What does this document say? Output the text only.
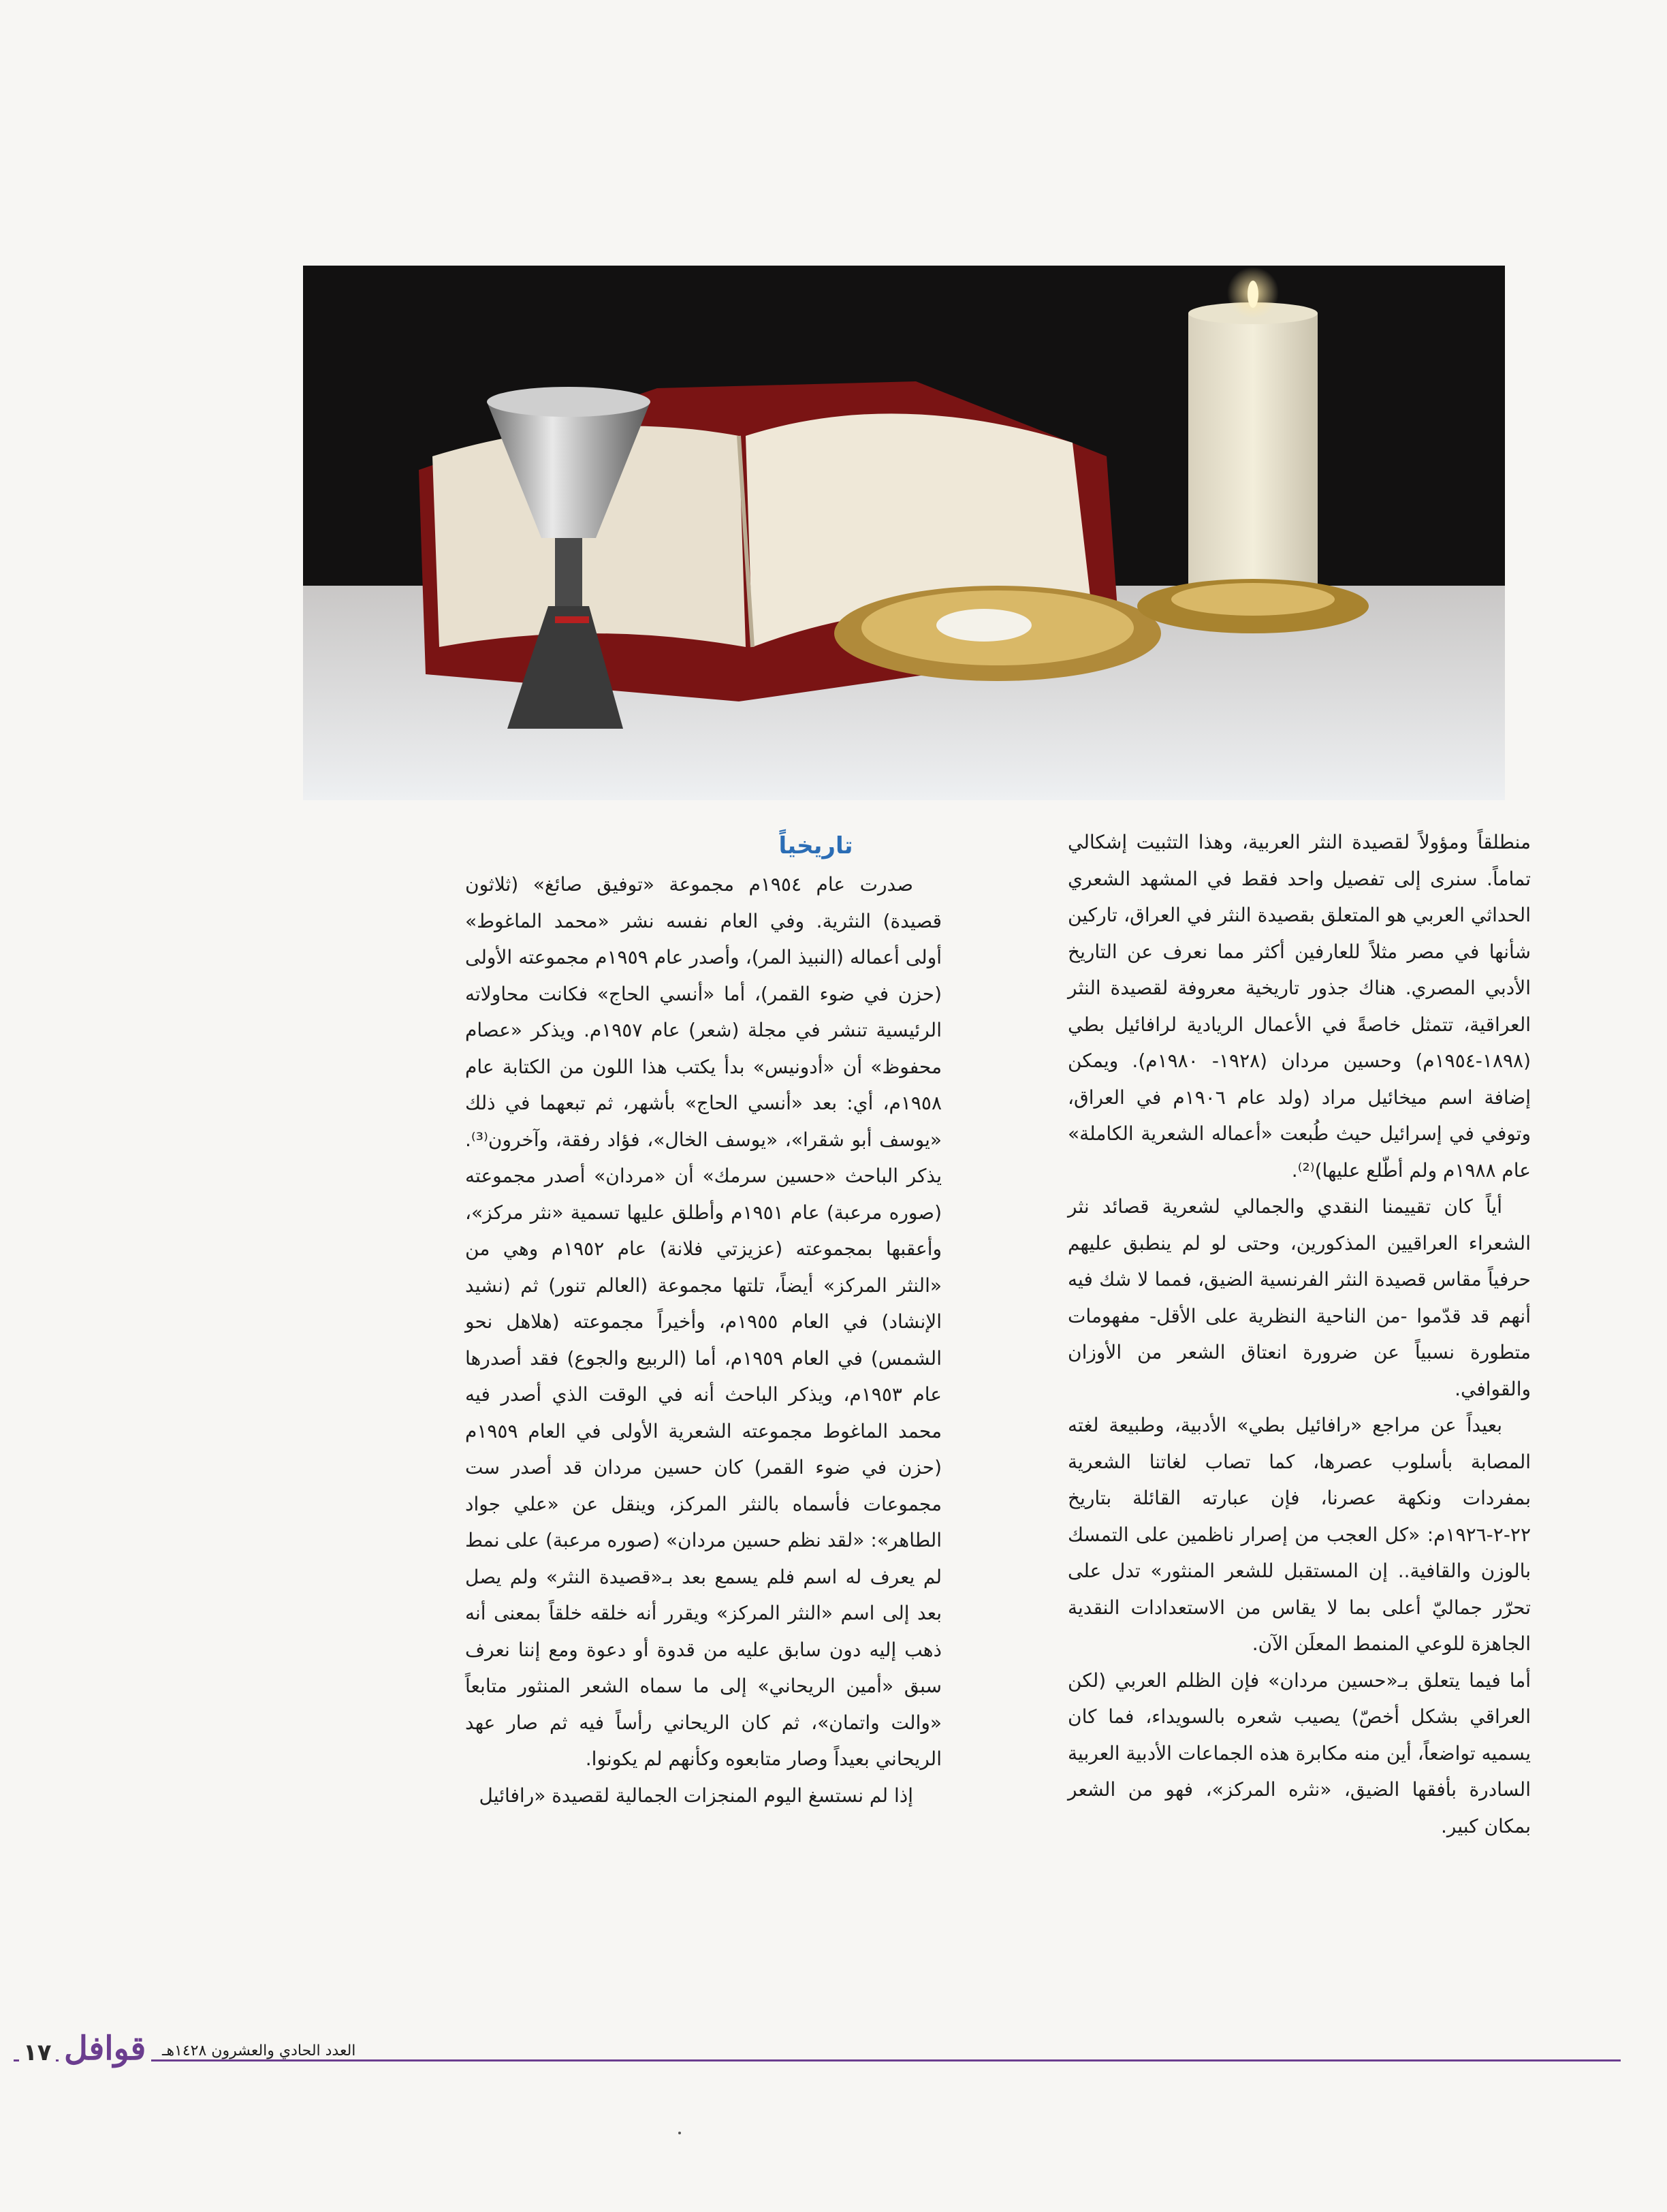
منطلقاً ومؤولاً لقصيدة النثر العربية، وهذا التثبيت إشكالي تماماً. سنرى إلى تفصيل واحد فقط في المشهد الشعري الحداثي العربي هو المتعلق بقصيدة النثر في العراق، تاركين شأنها في مصر مثلاً للعارفين أكثر مما نعرف عن التاريخ الأدبي المصري. هناك جذور تاريخية معروفة لقصيدة النثر العراقية، تتمثل خاصةً في الأعمال الريادية لرافائيل بطي (١٨٩٨-١٩٥٤م) وحسين مردان (١٩٢٨- ١٩٨٠م). ويمكن إضافة اسم ميخائيل مراد (ولد عام ١٩٠٦م في العراق، وتوفي في إسرائيل حيث طُبعت «أعماله الشعرية الكاملة» عام ١٩٨٨م ولم أطّلع عليها)⁽²⁾.

أياً كان تقييمنا النقدي والجمالي لشعرية قصائد نثر الشعراء العراقيين المذكورين، وحتى لو لم ينطبق عليهم حرفياً مقاس قصيدة النثر الفرنسية الضيق، فمما لا شك فيه أنهم قد قدّموا -من الناحية النظرية على الأقل- مفهومات متطورة نسبياً عن ضرورة انعتاق الشعر من الأوزان والقوافي.

بعيداً عن مراجع «رافائيل بطي» الأدبية، وطبيعة لغته المصابة بأسلوب عصرها، كما تصاب لغاتنا الشعرية بمفردات ونكهة عصرنا، فإن عبارته القائلة بتاريخ ٢٢-٢-١٩٢٦م: «كل العجب من إصرار ناظمين على التمسك بالوزن والقافية.. إن المستقبل للشعر المنثور» تدل على تحرّر جماليّ أعلى بما لا يقاس من الاستعدادات النقدية الجاهزة للوعي المنمط المعلَن الآن.

أما فيما يتعلق بـ«حسين مردان» فإن الظلم العربي (لكن العراقي بشكل أخصّ) يصيب شعره بالسويداء، فما كان يسميه تواضعاً، أين منه مكابرة هذه الجماعات الأدبية العربية السادرة بأفقها الضيق، «نثره المركز»، فهو من الشعر بمكان كبير.

تاريخياً

صدرت عام ١٩٥٤م مجموعة «توفيق صائغ» (ثلاثون قصيدة) النثرية. وفي العام نفسه نشر «محمد الماغوط» أولى أعماله (النبيذ المر)، وأصدر عام ١٩٥٩م مجموعته الأولى (حزن في ضوء القمر)، أما «أنسي الحاج» فكانت محاولاته الرئيسية تنشر في مجلة (شعر) عام ١٩٥٧م. ويذكر «عصام محفوظ» أن «أدونيس» بدأ يكتب هذا اللون من الكتابة عام ١٩٥٨م، أي: بعد «أنسي الحاج» بأشهر، ثم تبعهما في ذلك «يوسف أبو شقرا»، «يوسف الخال»، فؤاد رفقة، وآخرون⁽³⁾. يذكر الباحث «حسين سرمك» أن «مردان» أصدر مجموعته (صوره مرعبة) عام ١٩٥١م وأطلق عليها تسمية «نثر مركز»، وأعقبها بمجموعته (عزيزتي فلانة) عام ١٩٥٢م وهي من «النثر المركز» أيضاً، تلتها مجموعة (العالم تنور) ثم (نشيد الإنشاد) في العام ١٩٥٥م، وأخيراً مجموعته (هلاهل نحو الشمس) في العام ١٩٥٩م، أما (الربيع والجوع) فقد أصدرها عام ١٩٥٣م، ويذكر الباحث أنه في الوقت الذي أصدر فيه محمد الماغوط مجموعته الشعرية الأولى في العام ١٩٥٩م (حزن في ضوء القمر) كان حسين مردان قد أصدر ست مجموعات فأسماه بالنثر المركز، وينقل عن «علي جواد الطاهر»: «لقد نظم حسين مردان» (صوره مرعبة) على نمط لم يعرف له اسم فلم يسمع بعد بـ«قصيدة النثر» ولم يصل بعد إلى اسم «النثر المركز» ويقرر أنه خلقه خلقاً بمعنى أنه ذهب إليه دون سابق عليه من قدوة أو دعوة ومع إننا نعرف سبق «أمين الريحاني» إلى ما سماه الشعر المنثور متابعاً «والت واتمان»، ثم كان الريحاني رأساً فيه ثم صار عهد الريحاني بعيداً وصار متابعوه وكأنهم لم يكونوا.

إذا لم نستسغ اليوم المنجزات الجمالية لقصيدة «رافائيل

١٧ قوافل	العدد الحادي والعشرون ١٤٢٨هـ
